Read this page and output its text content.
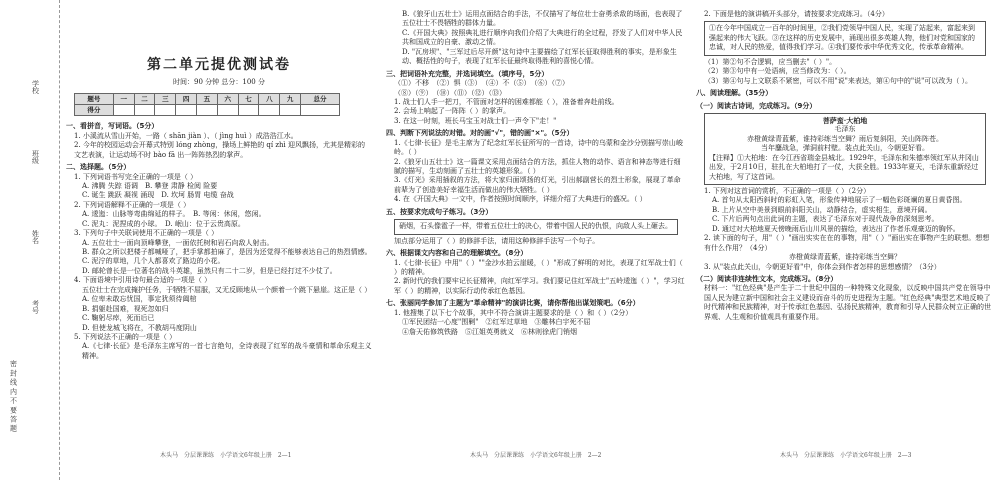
学校
班级
姓名
考号
密 封 线 内 不 要 答 题
第二单元提优测试卷
时间：90 分钟 总分：100 分
题号	一	二	三	四	五	六	七	八	九	总分
得分										
一、看拼音，写词语。（5分）
1. 小溪流从雪山开始，一路（ shān jiàn ）、（ jìng huì ）成浩浩江水。
2. 今年的校园运动会开幕式特别 lóng zhòng，操场上鲜艳的 qí zhì 迎风飘扬，尤其是精彩的文艺表演，让运动场不时 bào fā 出一阵阵热烈的掌声。
二、选择题。（5分）
1. 下列词语书写完全正确的一项是（ ）
A. 沸腾 失踪 语调　B. 攀登 肃静 检阅 险要
C. 诞生 跳跃 凝视 涌现　D. 坎坷 肠胃 电缆 奋战
2. 下列词语解释不正确的一项是（ ）
A. 逶迤：山脉等弯曲绵延的样子。　B. 等闲：休闲，悠闲。
C. 泥丸：泥捏成的小球。　D. 岷山：位于云贵高原。
3. 下列句子中关联词使用不正确的一项是（ ）
A. 五位壮士一面向顶峰攀登，一面依托树和岩石向敌人射击。
B. 群众之所以把楼子都喊哑了，把手掌都拍麻了，是因为还觉得不能够表达自己的热烈情感。
C. 泥泞的草地，几个人都喜欢了路边的小花。
D. 邮轮曾长是一位著名的战斗英雄，虽然只有二十二岁，但是已经打过不少仗了。
4. 下面语境中引用诗句最合适的一项是（ ）
五位壮士在完成掩护任务，于牺牲不屈服，又无反顾地从一个颜着一个跳下悬崖。这正是（ ）
A. 位卑未敢忘忧国，事定犹须待阖棺
B. 捐躯赴国难，视死忽如归
C. 鞠躬尽瘁，死而后已
D. 但使龙城飞将在，不教胡马度阴山
5. 下列说法不正确的一项是（ ）
A.《七律·长征》是毛泽东主席写的一首七言绝句，全诗表现了红军的战斗豪情和革命乐观主义精神。
B.《狼牙山五壮士》运用点面结合的手法，不仅描写了每位壮士奋勇杀敌的场面，也表现了五位壮士不畏牺牲的群体力量。
C.《开国大典》按照典礼进行顺序向我们介绍了大典进行的全过程，抒发了人们对中华人民共和国成立的自豪、激动之情。
D. "瓦房坝"、"三军过后尽开颜"这句诗中主要描绘了红军长征取得胜利的事实，是形象生动、概括性的句子，表现了红军长征最终取得胜利的喜悦心情。
三、把词语补充完整，并选词填空。（填序号，5分）
（①）不移　（②）惧（③）　（④）不（⑤）　（⑥）（⑦）
（⑧）（⑨）　（⑩）（⑪）（⑫）（⑬）
1. 战士们人手一把刀，不管面对怎样的困难都能（ ），准备着奔赴前线。
2. 会场上响起了一阵阵（ ）的掌声。
3. 在这一时刻，班长马宝玉对战士们一声令下"走！"
四、判断下列说法的对错。对的画"√"，错的画"×"。（5分）
1.《七律·长征》是毛主席为了纪念红军长征所写的一首诗，诗中的乌蒙和金沙分别描写崇山峻岭。（ ）
2.《狼牙山五壮士》这一篇课文采用点面结合的方法，抓住人物的动作、语言和神态等进行细腻的描写，生动刻画了五壮士的英雄形象。（ ）
3.《灯光》采用插叙的方法，将大家归面颂扬的灯光，引出郝副营长的烈士形象，展现了革命前辈为了创造美好幸福生活而做出的伟大牺牲。（ ）
4. 在《开国大典》一文中，作者按照时间顺序，详细介绍了大典进行的盛况。（ ）
五、按要求完成句子练习。（3分）
硝烟，石头像雹子一样，带着五位壮士的决心，带着中国人民的仇恨，向敌人头上砸去。
加点部分运用了（ ）的修辞手法，请用这种修辞手法写一个句子。
六、根据课文内容和自己的理解填空。（8分）
1.《七律·长征》中用"（ ）""金沙水拍云崖暖，（ ）"形成了鲜明的对比，表现了红军战士们（ ）的精神。
2. 新时代的我们要牢记长征精神，向红军学习。我们要记住红军战士"五岭逶迤（ ）"，学习红军（ ）的精神，以实际行动传承红色基因。
七、张丽同学参加了主题为"革命精神"的演讲比赛，请你帮他出谋划策吧。（6分）
1. 他搜集了以下七个故事，其中不符合演讲主题要求的是（ ）和（ ）（2分）
①军民团结一心度"围剿"　②红军过草地　③雕林白宇死不屈
④詹天佑修筑铁路　⑤江姐英勇就义　⑥林则徐虎门销烟
2. 下面是他的演讲稿开头部分，请按要求完成练习。（4分）
①在今年中国成立一百年的时间里，②我们党领导中国人民，实现了站起来，富起来到强起来的伟大飞跃。③在这样的历史发展中，涌现出很多英雄人物，他们对党和国家的忠诚，对人民的热爱，值得我们学习。④我们要传承中华优秀文化，传承革命精神。
（1）第②句不合逻辑，应当删去"（ ）"。
（2）第③句中有一处语病，应当修改为：（ ）。
（3）第④句与上文联系不紧密，可以不用"说"来表达，第④句中的"说"可以改为（ ）。
八、阅读理解。（35分）
（一）阅读古诗词，完成练习。（9分）
菩萨蛮·大柏地
毛泽东
赤橙黄绿青蓝紫，谁持彩练当空舞？雨后复斜阳，关山阵阵苍。
当年鏖战急，弹洞前村壁。装点此关山，今朝更好看。
【注释】①大柏地：在今江西省瑞金县城北。1929年，毛泽东和朱德率领红军从井冈山出发，于2月10日，驻扎在大柏地打了一仗，大获全胜。1933年夏天，毛泽东重新经过大柏地，写了这首词。
1. 下列对这首词的赏析，不正确的一项是（ ）（2分）
A. 首句从太阳西斜时的彩虹入笔，形象传神地展示了一幅色彩斑斓的夏日黄昏图。
B. 上片从空中美景到眼前斜阳关山，动静结合，虚实相生，意境开阔。
C. 下片后两句点出此词的主题，表达了毛泽东对于现代战争的深刻思考。
D. 通过对大柏地夏天傍晚雨后山川风景的描绘，表达出了作者乐观豪迈的胸怀。
2. 读下面的句子，用"（ ）"画出实实在在的事物，用"（ ）"画出实在事物产生的联想。想想有什么作用？（4分）
赤橙黄绿青蓝紫，谁持彩练当空舞？
3. 从"装点此关山，今朝更好看"中，你体会到作者怎样的思想感情？（3分）
（二）阅读非连续性文本，完成练习。（8分）
材料一："红色经典"是产生于二十世纪中国的一种特殊文化现象，以反映中国共产党在领导中国人民为建立新中国和社会主义建设而奋斗的历史进程为主题。"红色经典"典型艺术地反映了时代精神和民族精神，对于传承红色基因、弘扬民族精神，教育和引导人民群众树立正确的世界观、人生观和价值观具有重要作用。
木头马　分层课课练　小学语文6年级上册　2—1	木头马　分层课课练　小学语文6年级上册　2—2	木头马　分层课课练　小学语文6年级上册　2—3
